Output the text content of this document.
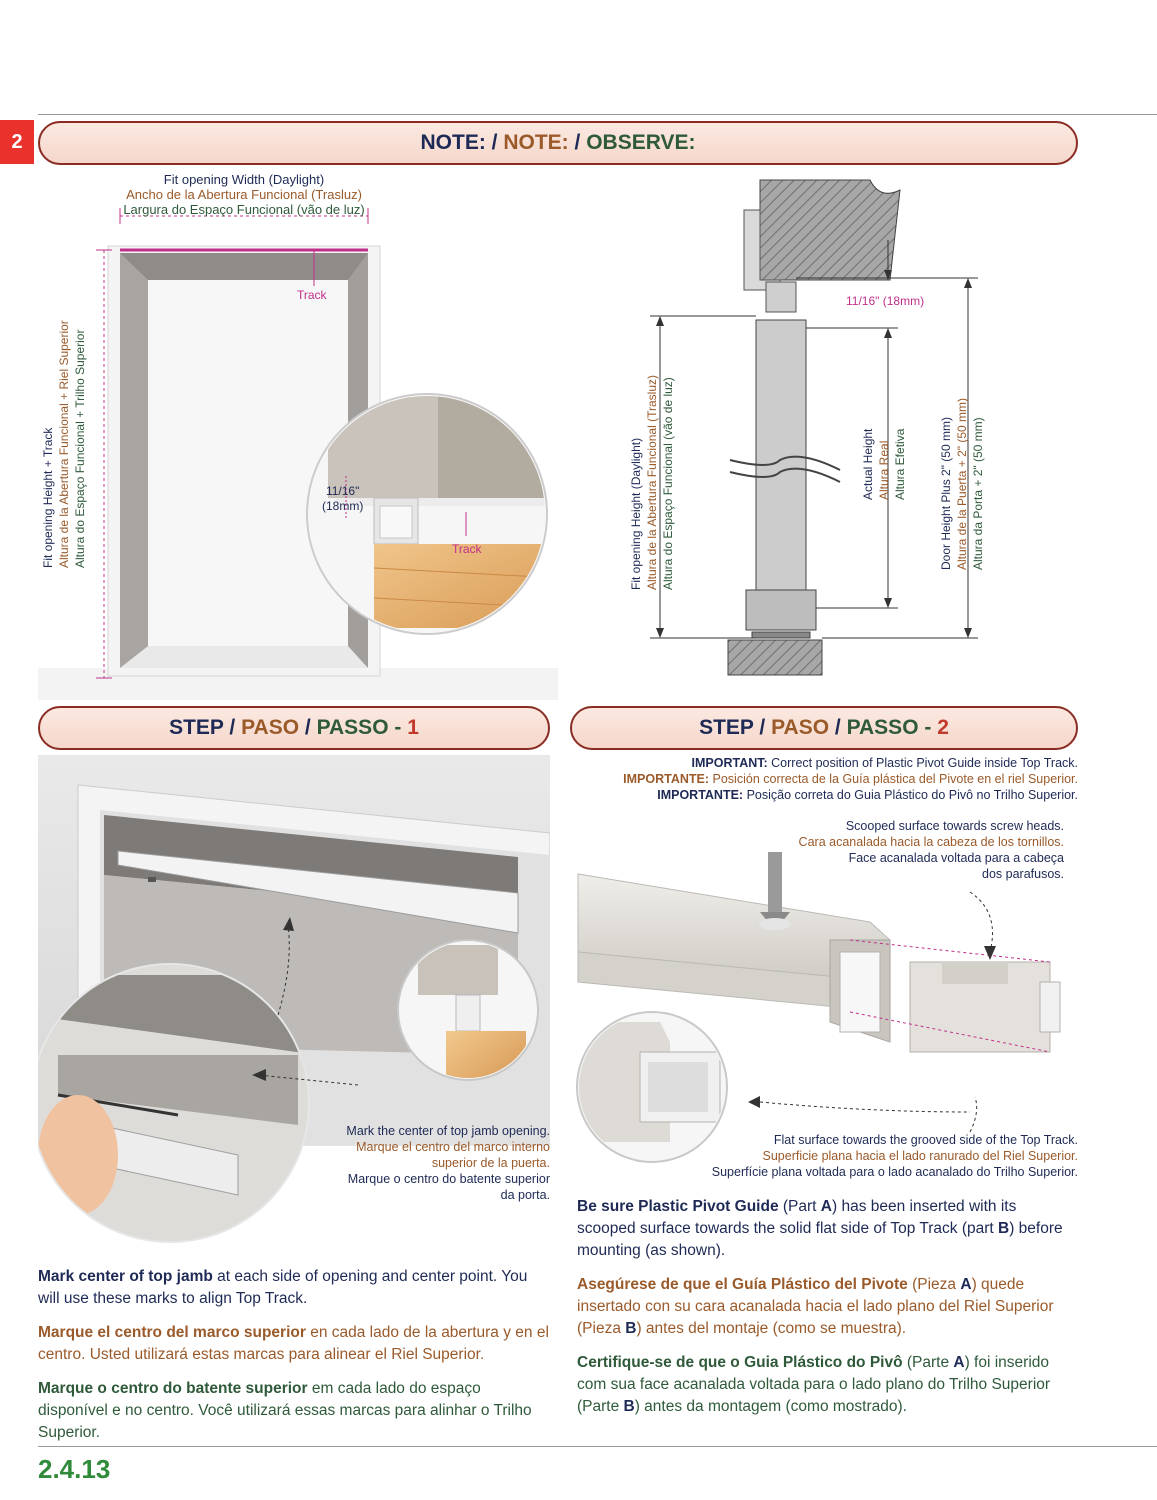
2	NOTE: / NOTE: / OBSERVE:
Fit opening Width (Daylight)
Ancho de la Abertura Funcional (Trasluz)
Largura do Espaço Funcional (vão de luz)
Track
Fit opening Height + Track Altura de la Abertura Funcional + Riel Superior Altura do Espaço Funcional + Trilho Superior	11/16"
(18mm)
Track
11/16" (18mm)
Fit opening Height (Daylight) Altura de la Abertura Funcional (Trasluz) Altura do Espaço Funcional (vão de luz)	Actual Height Altura Real Altura Efetiva	Door Height Plus 2" (50 mm) Altura de la Puerta + 2" (50 mm) Altura da Porta + 2" (50 mm)
STEP / PASO / PASSO - 1	STEP / PASO / PASSO - 2
Mark the center of top jamb opening.
Marque el centro del marco interno
superior de la puerta.
Marque o centro do batente superior
da porta.

Mark center of top jamb at each side of opening and center point. You will use these marks to align Top Track.

Marque el centro del marco superior en cada lado de la abertura y en el centro. Usted utilizará estas marcas para alinear el Riel Superior.

Marque o centro do batente superior em cada lado do espaço disponível e no centro. Você utilizará essas marcas para alinhar o Trilho Superior.

IMPORTANT: Correct position of Plastic Pivot Guide inside Top Track.
IMPORTANTE: Posición correcta de la Guía plástica del Pivote en el riel Superior.
IMPORTANTE: Posição correta do Guia Plástico do Pivô no Trilho Superior.
Scooped surface towards screw heads.
Cara acanalada hacia la cabeza de los tornillos.
Face acanalada voltada para a cabeça
dos parafusos.
Flat surface towards the grooved side of the Top Track.
Superficie plana hacia el lado ranurado del Riel Superior.
Superfície plana voltada para o lado acanalado do Trilho Superior.

Be sure Plastic Pivot Guide (Part A) has been inserted with its scooped surface towards the solid flat side of Top Track (part B) before mounting (as shown).

Asegúrese de que el Guía Plástico del Pivote (Pieza A) quede insertado con su cara acanalada hacia el lado plano del Riel Superior (Pieza B) antes del montaje (como se muestra).

Certifique-se de que o Guia Plástico do Pivô (Parte A) foi inserido com sua face acanalada voltada para o lado plano do Trilho Superior (Parte B) antes da montagem (como mostrado).

2.4.13
